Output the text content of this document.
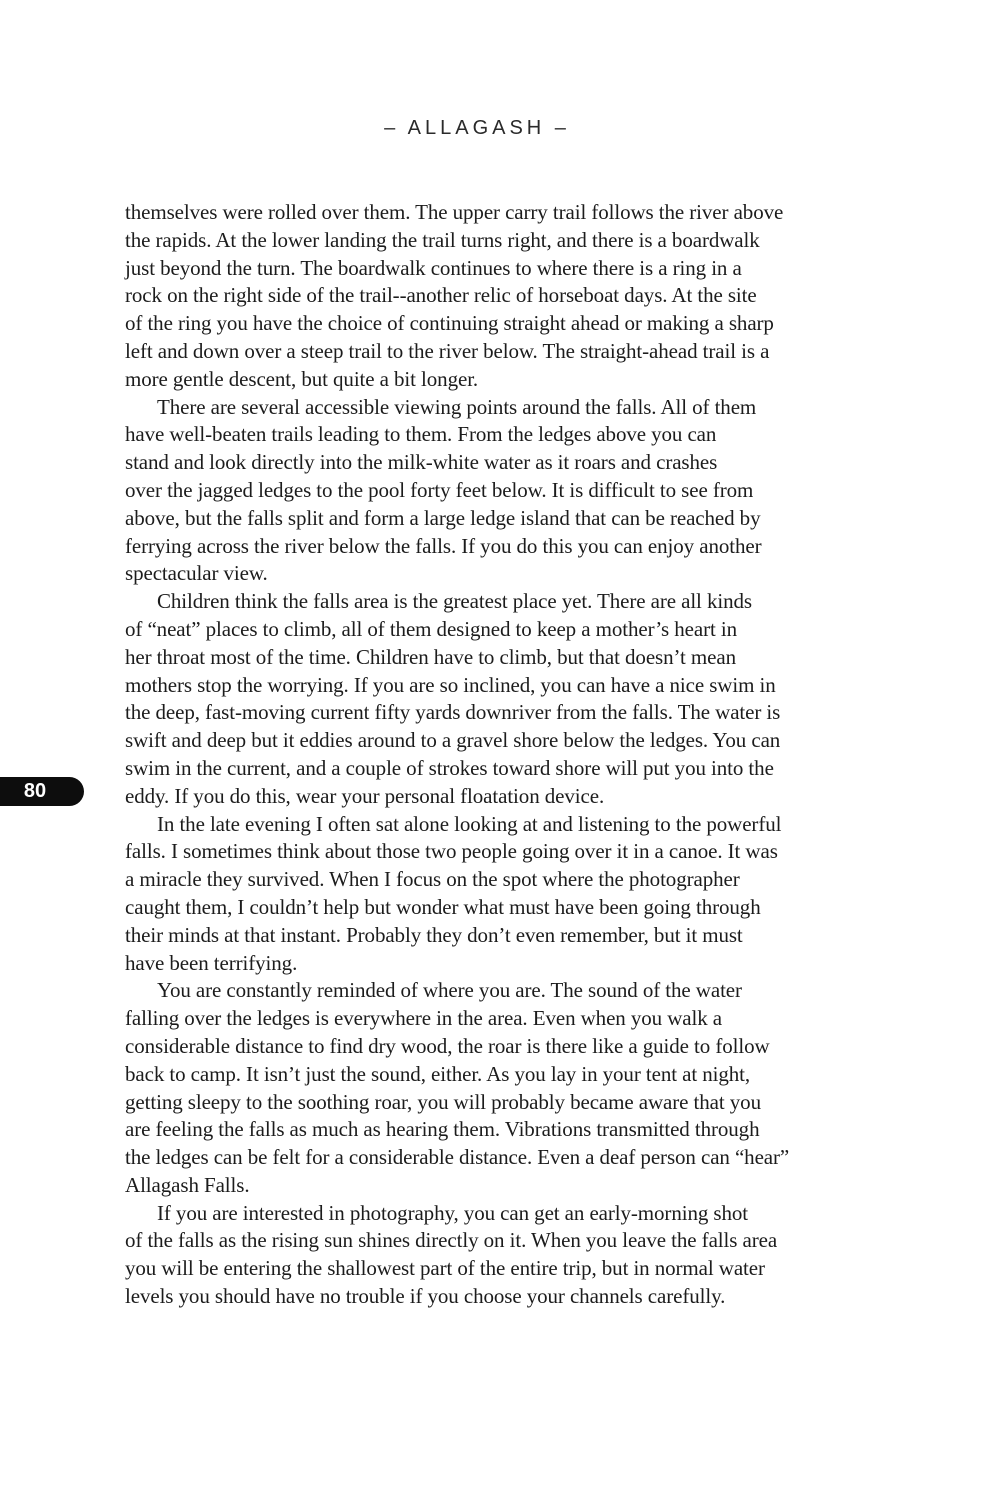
– ALLAGASH –
80
themselves were rolled over them. The upper carry trail follows the river above
the rapids. At the lower landing the trail turns right, and there is a boardwalk
just beyond the turn. The boardwalk continues to where there is a ring in a
rock on the right side of the trail--another relic of horseboat days. At the site
of the ring you have the choice of continuing straight ahead or making a sharp
left and down over a steep trail to the river below. The straight-ahead trail is a
more gentle descent, but quite a bit longer.
There are several accessible viewing points around the falls. All of them
have well-beaten trails leading to them. From the ledges above you can
stand and look directly into the milk-white water as it roars and crashes
over the jagged ledges to the pool forty feet below. It is difficult to see from
above, but the falls split and form a large ledge island that can be reached by
ferrying across the river below the falls. If you do this you can enjoy another
spectacular view.
Children think the falls area is the greatest place yet. There are all kinds
of “neat” places to climb, all of them designed to keep a mother’s heart in
her throat most of the time. Children have to climb, but that doesn’t mean
mothers stop the worrying. If you are so inclined, you can have a nice swim in
the deep, fast-moving current fifty yards downriver from the falls. The water is
swift and deep but it eddies around to a gravel shore below the ledges. You can
swim in the current, and a couple of strokes toward shore will put you into the
eddy. If you do this, wear your personal floatation device.
In the late evening I often sat alone looking at and listening to the powerful
falls. I sometimes think about those two people going over it in a canoe. It was
a miracle they survived. When I focus on the spot where the photographer
caught them, I couldn’t help but wonder what must have been going through
their minds at that instant. Probably they don’t even remember, but it must
have been terrifying.
You are constantly reminded of where you are. The sound of the water
falling over the ledges is everywhere in the area. Even when you walk a
considerable distance to find dry wood, the roar is there like a guide to follow
back to camp. It isn’t just the sound, either. As you lay in your tent at night,
getting sleepy to the soothing roar, you will probably became aware that you
are feeling the falls as much as hearing them. Vibrations transmitted through
the ledges can be felt for a considerable distance. Even a deaf person can “hear”
Allagash Falls.
If you are interested in photography, you can get an early-morning shot
of the falls as the rising sun shines directly on it. When you leave the falls area
you will be entering the shallowest part of the entire trip, but in normal water
levels you should have no trouble if you choose your channels carefully.
